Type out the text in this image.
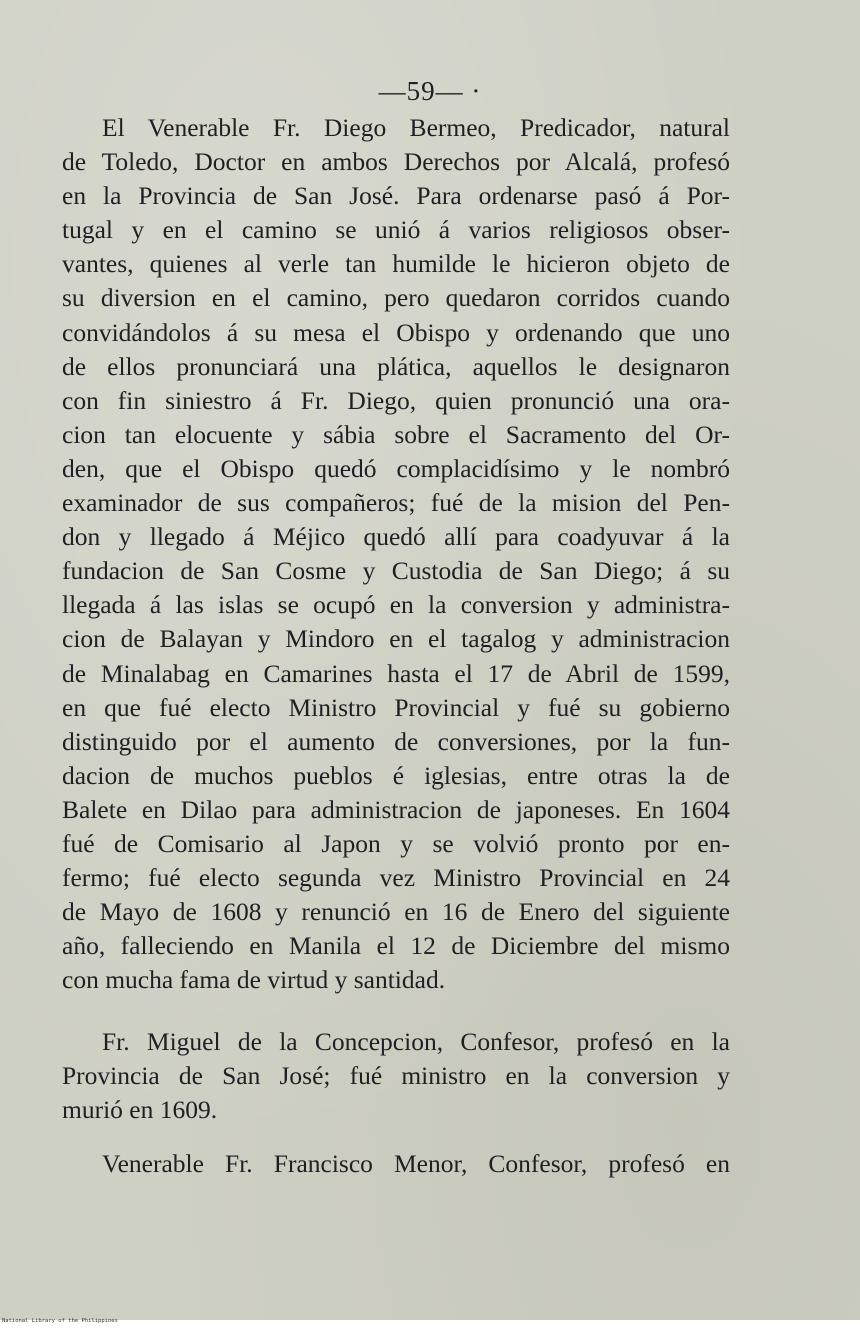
—59— ·
El Venerable Fr. Diego Bermeo, Predicador, natural
de Toledo, Doctor en ambos Derechos por Alcalá, profesó
en la Provincia de San José. Para ordenarse pasó á Por-
tugal y en el camino se unió á varios religiosos obser-
vantes, quienes al verle tan humilde le hicieron objeto de
su diversion en el camino, pero quedaron corridos cuando
convidándolos á su mesa el Obispo y ordenando que uno
de ellos pronunciará una plática, aquellos le designaron
con fin siniestro á Fr. Diego, quien pronunció una ora-
cion tan elocuente y sábia sobre el Sacramento del Or-
den, que el Obispo quedó complacidísimo y le nombró
examinador de sus compañeros; fué de la mision del Pen-
don y llegado á Méjico quedó allí para coadyuvar á la
fundacion de San Cosme y Custodia de San Diego; á su
llegada á las islas se ocupó en la conversion y administra-
cion de Balayan y Mindoro en el tagalog y administracion
de Minalabag en Camarines hasta el 17 de Abril de 1599,
en que fué electo Ministro Provincial y fué su gobierno
distinguido por el aumento de conversiones, por la fun-
dacion de muchos pueblos é iglesias, entre otras la de
Balete en Dilao para administracion de japoneses. En 1604
fué de Comisario al Japon y se volvió pronto por en-
fermo; fué electo segunda vez Ministro Provincial en 24
de Mayo de 1608 y renunció en 16 de Enero del siguiente
año, falleciendo en Manila el 12 de Diciembre del mismo
con mucha fama de virtud y santidad.
Fr. Miguel de la Concepcion, Confesor, profesó en la
Provincia de San José; fué ministro en la conversion y
murió en 1609.
Venerable Fr. Francisco Menor, Confesor, profesó en
National Library of the Philippines
